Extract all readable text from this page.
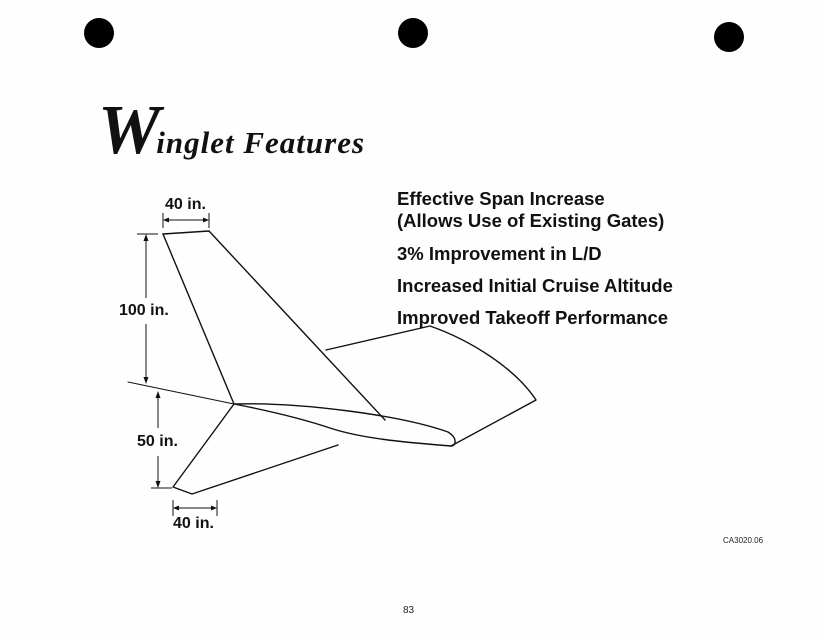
Winglet Features
Effective Span Increase
(Allows Use of Existing Gates)
3% Improvement in L/D
Increased Initial Cruise Altitude
Improved Takeoff Performance
40 in.
100 in.
50 in.
40 in.
CA3020.06
83
